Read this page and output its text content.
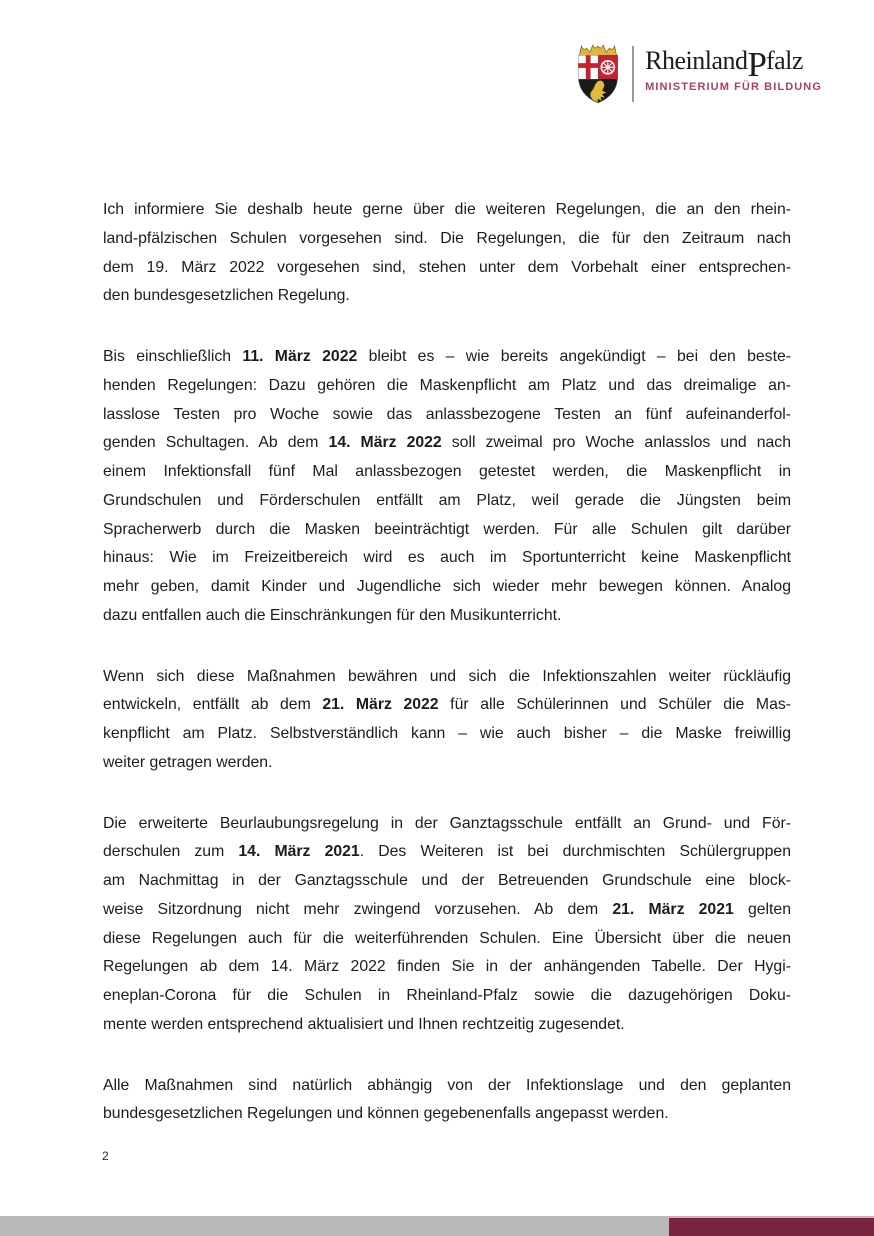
RheinlandPfalz
MINISTERIUM FÜR BILDUNG
Ich informiere Sie deshalb heute gerne über die weiteren Regelungen, die an den rhein-
land-pfälzischen Schulen vorgesehen sind. Die Regelungen, die für den Zeitraum nach
dem 19. März 2022 vorgesehen sind, stehen unter dem Vorbehalt einer entsprechen-
den bundesgesetzlichen Regelung.
Bis einschließlich 11. März 2022 bleibt es – wie bereits angekündigt – bei den beste-
henden Regelungen: Dazu gehören die Maskenpflicht am Platz und das dreimalige an-
lasslose Testen pro Woche sowie das anlassbezogene Testen an fünf aufeinanderfol-
genden Schultagen. Ab dem 14. März 2022 soll zweimal pro Woche anlasslos und nach
einem Infektionsfall fünf Mal anlassbezogen getestet werden, die Maskenpflicht in
Grundschulen und Förderschulen entfällt am Platz, weil gerade die Jüngsten beim
Spracherwerb durch die Masken beeinträchtigt werden. Für alle Schulen gilt darüber
hinaus: Wie im Freizeitbereich wird es auch im Sportunterricht keine Maskenpflicht
mehr geben, damit Kinder und Jugendliche sich wieder mehr bewegen können. Analog
dazu entfallen auch die Einschränkungen für den Musikunterricht.
Wenn sich diese Maßnahmen bewähren und sich die Infektionszahlen weiter rückläufig
entwickeln, entfällt ab dem 21. März 2022 für alle Schülerinnen und Schüler die Mas-
kenpflicht am Platz. Selbstverständlich kann – wie auch bisher – die Maske freiwillig
weiter getragen werden.
Die erweiterte Beurlaubungsregelung in der Ganztagsschule entfällt an Grund- und För-
derschulen zum 14. März 2021. Des Weiteren ist bei durchmischten Schülergruppen
am Nachmittag in der Ganztagsschule und der Betreuenden Grundschule eine block-
weise Sitzordnung nicht mehr zwingend vorzusehen. Ab dem 21. März 2021 gelten
diese Regelungen auch für die weiterführenden Schulen. Eine Übersicht über die neuen
Regelungen ab dem 14. März 2022 finden Sie in der anhängenden Tabelle. Der Hygi-
eneplan-Corona für die Schulen in Rheinland-Pfalz sowie die dazugehörigen Doku-
mente werden entsprechend aktualisiert und Ihnen rechtzeitig zugesendet.
Alle Maßnahmen sind natürlich abhängig von der Infektionslage und den geplanten
bundesgesetzlichen Regelungen und können gegebenenfalls angepasst werden.
2
